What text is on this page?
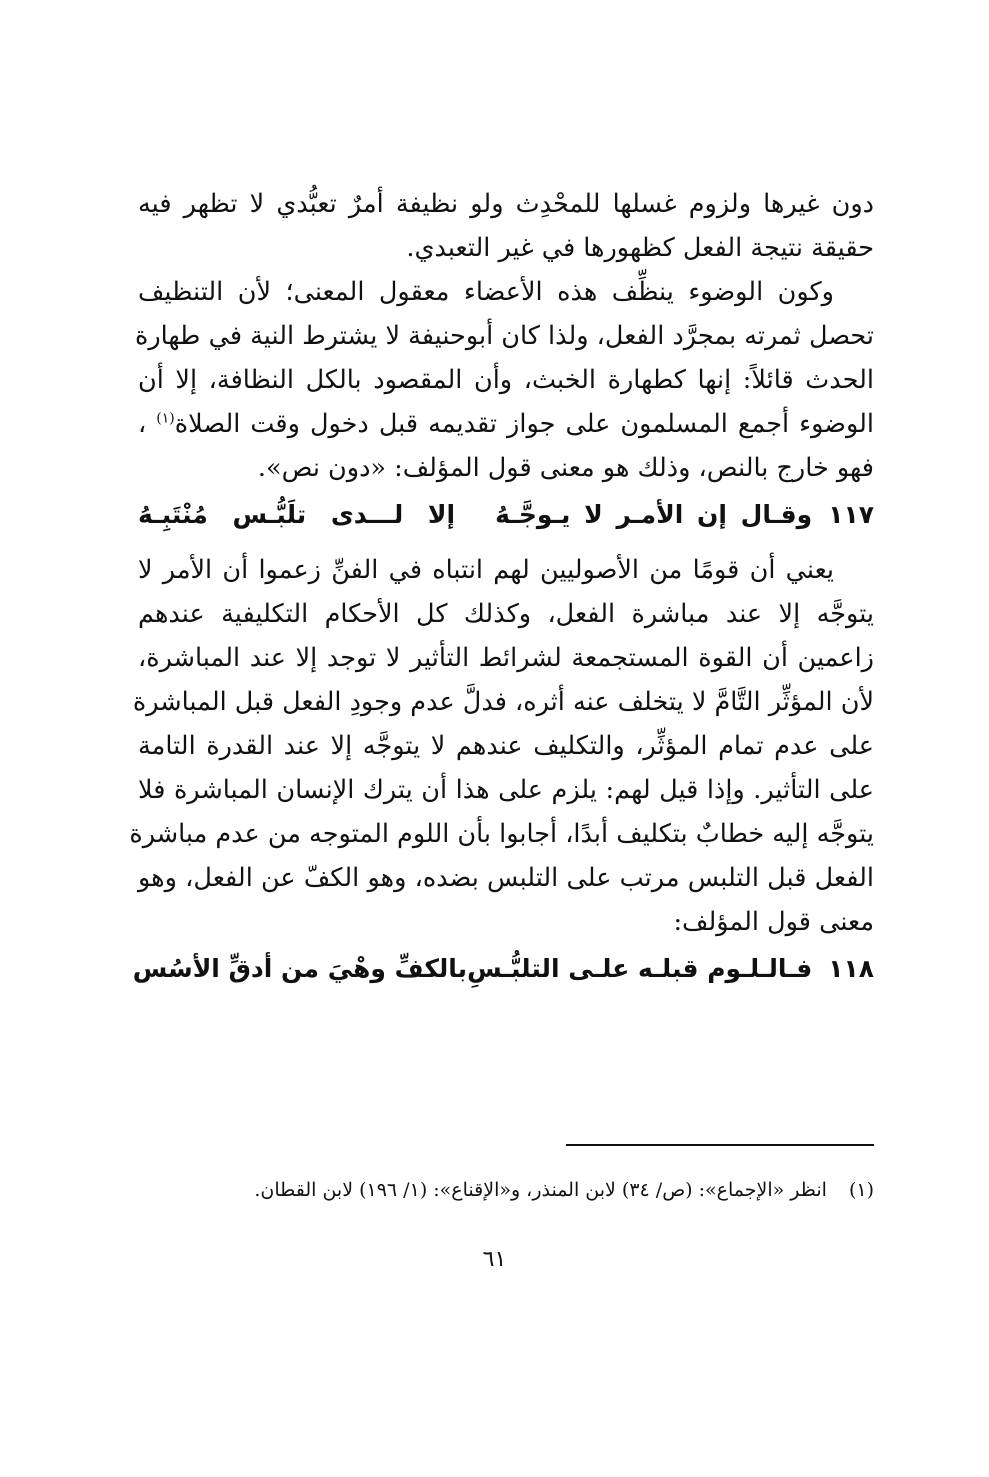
دون غيرها ولزوم غسلها للمحْدِث ولو نظيفة أمرٌ تعبُّدي لا تظهر فيه
حقيقة نتيجة الفعل كظهورها في غير التعبدي.
وكون الوضوء ينظِّف هذه الأعضاء معقول المعنى؛ لأن التنظيف
تحصل ثمرته بمجرَّد الفعل، ولذا كان أبوحنيفة لا يشترط النية في طهارة
الحدث قائلاً: إنها كطهارة الخبث، وأن المقصود بالكل النظافة، إلا أن
الوضوء أجمع المسلمون على جواز تقديمه قبل دخول وقت الصلاة$^{(١)}$ ،
فهو خارج بالنص، وذلك هو معنى قول المؤلف: «دون نص».
١١٧
وقـال إن الأمـر لا يـوجَّـهُ
إلا لـــدى تلَبُّـس مُنْتَبِـهُ
يعني أن قومًا من الأصوليين لهم انتباه في الفنِّ زعموا أن الأمر لا
يتوجَّه إلا عند مباشرة الفعل، وكذلك كل الأحكام التكليفية عندهم
زاعمين أن القوة المستجمعة لشرائط التأثير لا توجد إلا عند المباشرة،
لأن المؤثِّر التَّامَّ لا يتخلف عنه أثره، فدلَّ عدم وجودِ الفعل قبل المباشرة
على عدم تمام المؤثِّر، والتكليف عندهم لا يتوجَّه إلا عند القدرة التامة
على التأثير. وإذا قيل لهم: يلزم على هذا أن يترك الإنسان المباشرة فلا
يتوجَّه إليه خطابٌ بتكليف أبدًا، أجابوا بأن اللوم المتوجه من عدم مباشرة
الفعل قبل التلبس مرتب على التلبس بضده، وهو الكفّ عن الفعل، وهو
معنى قول المؤلف:
١١٨
فـالـلـوم قبلـه علـى التلبُّـسِ
بالكفِّ وهْيَ من أدقِّ الأسُس
(١)انظر «الإجماع»: (ص/ ٣٤) لابن المنذر، و«الإقناع»: (١/ ١٩٦) لابن القطان.
٦١
